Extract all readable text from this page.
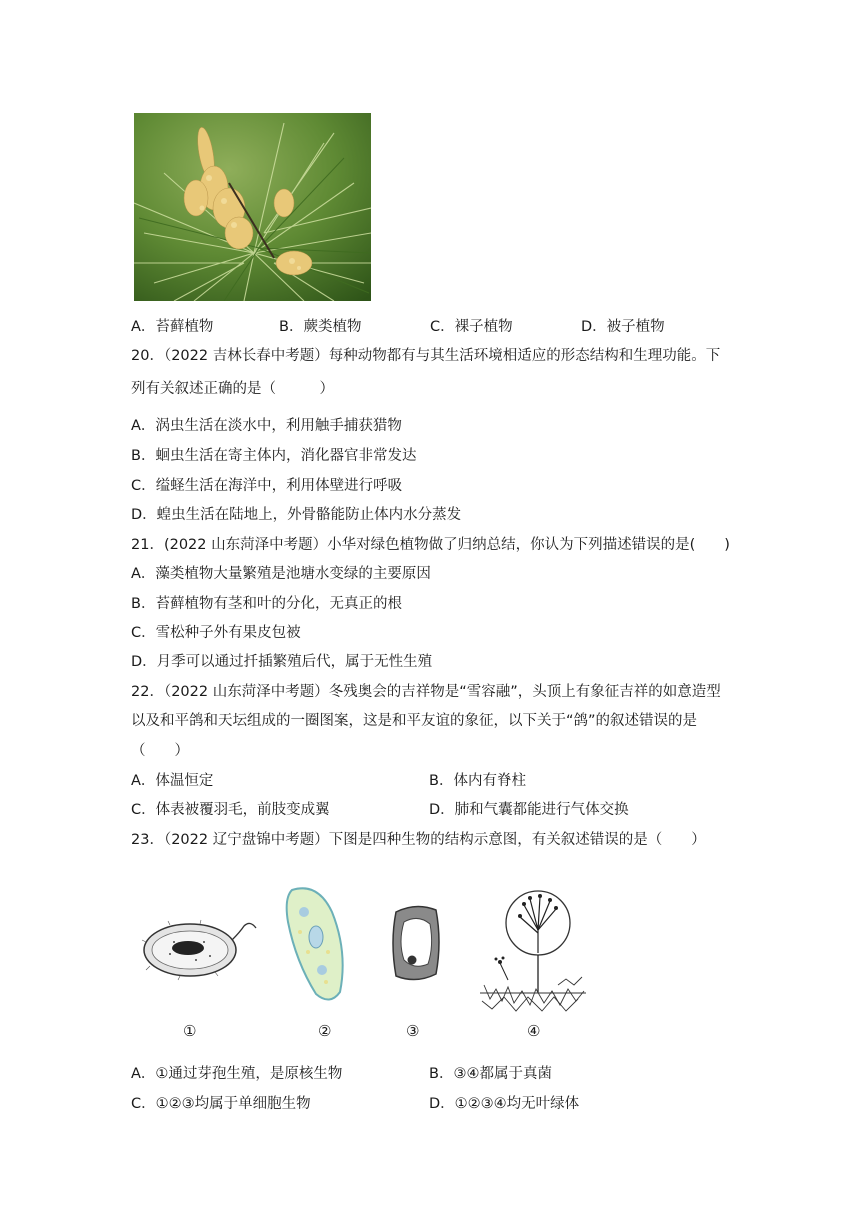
A．苔藓植物	B．蕨类植物	C．裸子植物	D．被子植物
20．（2022 吉林长春中考题）每种动物都有与其生活环境相适应的形态结构和生理功能。下
列有关叙述正确的是（　　　）
A．涡虫生活在淡水中，利用触手捕获猎物
B．蛔虫生活在寄主体内，消化器官非常发达
C．缢蛏生活在海洋中，利用体壁进行呼吸
D．蝗虫生活在陆地上，外骨骼能防止体内水分蒸发
21．(2022 山东菏泽中考题）小华对绿色植物做了归纳总结，你认为下列描述错误的是(　　)
A．藻类植物大量繁殖是池塘水变绿的主要原因
B．苔藓植物有茎和叶的分化，无真正的根
C．雪松种子外有果皮包被
D．月季可以通过扦插繁殖后代，属于无性生殖
22．（2022 山东菏泽中考题）冬残奥会的吉祥物是“雪容融”，头顶上有象征吉祥的如意造型
以及和平鸽和天坛组成的一圈图案，这是和平友谊的象征，以下关于“鸽”的叙述错误的是
（　　）
A．体温恒定	B．体内有脊柱
C．体表被覆羽毛，前肢变成翼	D．肺和气囊都能进行气体交换
23．（2022 辽宁盘锦中考题）下图是四种生物的结构示意图，有关叙述错误的是（　　）
①	②	③	④
A．①通过芽孢生殖，是原核生物	B．③④都属于真菌
C．①②③均属于单细胞生物	D．①②③④均无叶绿体
